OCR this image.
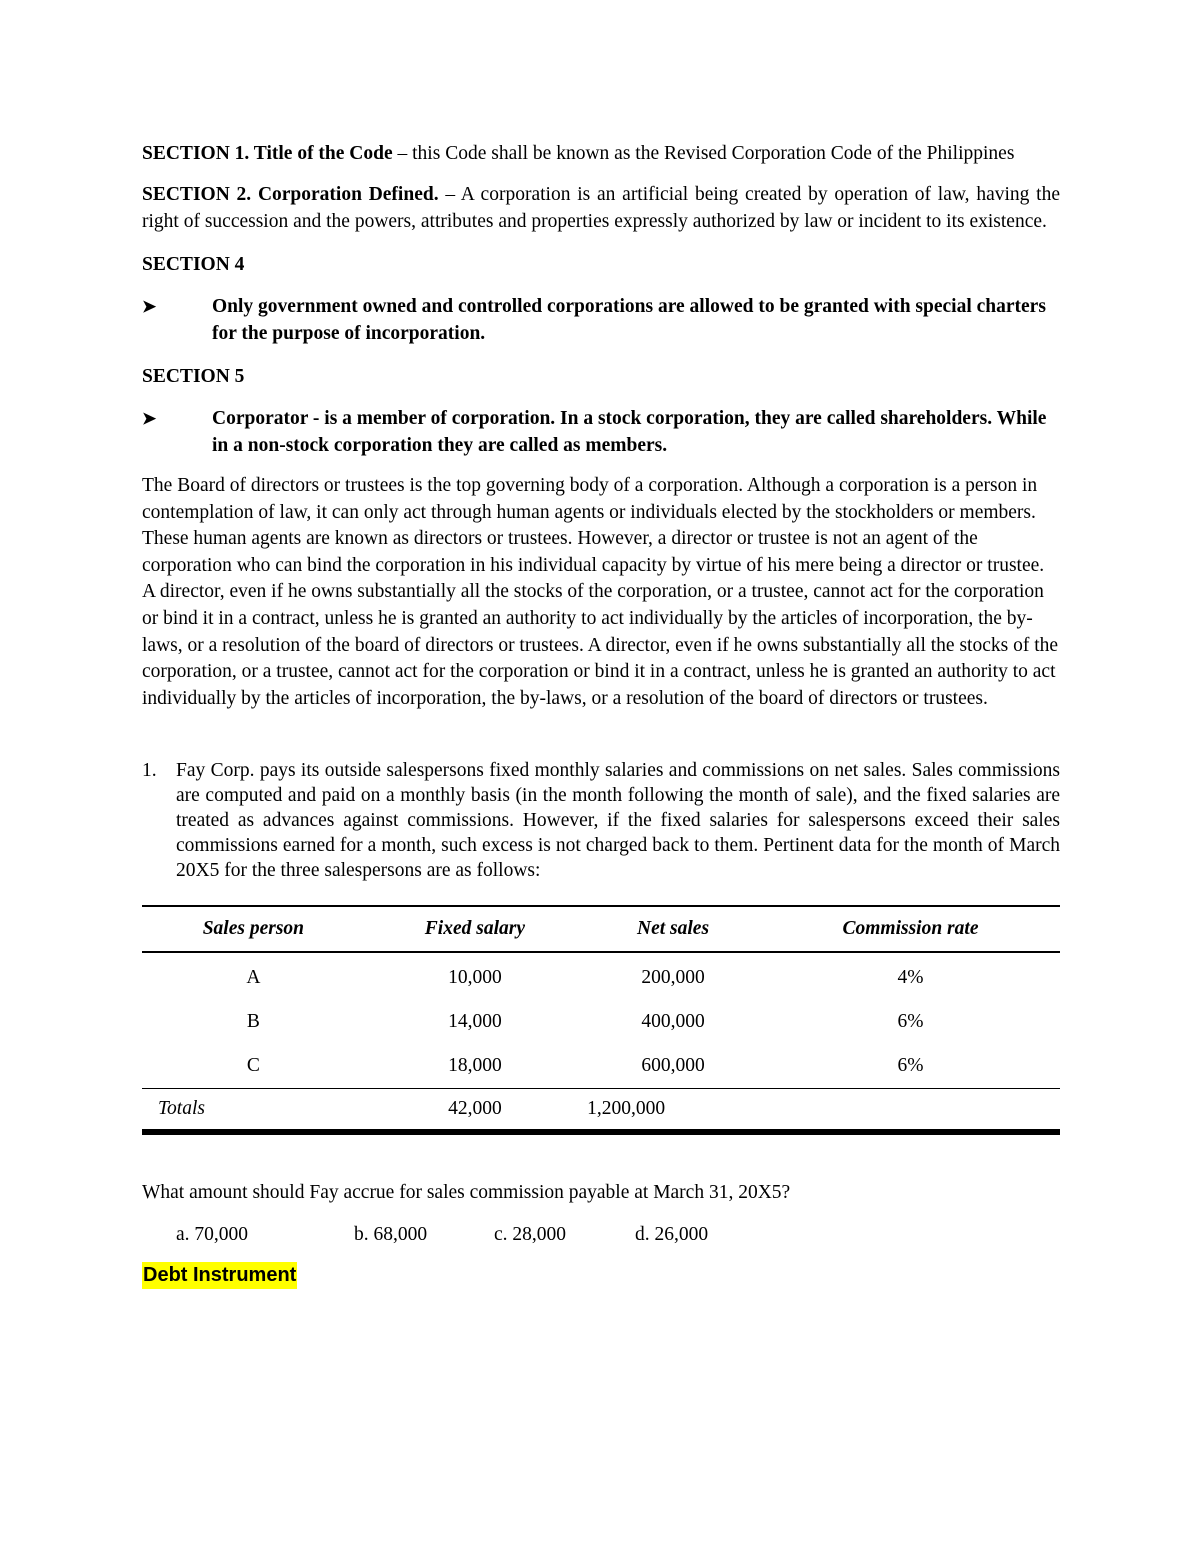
SECTION 1. Title of the Code – this Code shall be known as the Revised Corporation Code of the Philippines

SECTION 2. Corporation Defined. – A corporation is an artificial being created by operation of law, having the right of succession and the powers, attributes and properties expressly authorized by law or incident to its existence.

SECTION 4

➤	Only government owned and controlled corporations are allowed to be granted with special charters for the purpose of incorporation.

SECTION 5

➤	Corporator - is a member of corporation. In a stock corporation, they are called shareholders. While in a non-stock corporation they are called as members.

The Board of directors or trustees is the top governing body of a corporation. Although a corporation is a person in contemplation of law, it can only act through human agents or individuals elected by the stockholders or members. These human agents are known as directors or trustees. However, a director or trustee is not an agent of the corporation who can bind the corporation in his individual capacity by virtue of his mere being a director or trustee. A director, even if he owns substantially all the stocks of the corporation, or a trustee, cannot act for the corporation or bind it in a contract, unless he is granted an authority to act individually by the articles of incorporation, the by-laws, or a resolution of the board of directors or trustees. A director, even if he owns substantially all the stocks of the corporation, or a trustee, cannot act for the corporation or bind it in a contract, unless he is granted an authority to act individually by the articles of incorporation, the by-laws, or a resolution of the board of directors or trustees.

1. Fay Corp. pays its outside salespersons fixed monthly salaries and commissions on net sales. Sales commissions are computed and paid on a monthly basis (in the month following the month of sale), and the fixed salaries are treated as advances against commissions. However, if the fixed salaries for salespersons exceed their sales commissions earned for a month, such excess is not charged back to them. Pertinent data for the month of March 20X5 for the three salespersons are as follows:
Sales person	Fixed salary	Net sales	Commission rate
A	10,000	200,000	4%
B	14,000	400,000	6%
C	18,000	600,000	6%
Totals	42,000	1,200,000	

What amount should Fay accrue for sales commission payable at March 31, 20X5?

a. 70,000	b. 68,000	c. 28,000	d. 26,000
Debt Instrument
